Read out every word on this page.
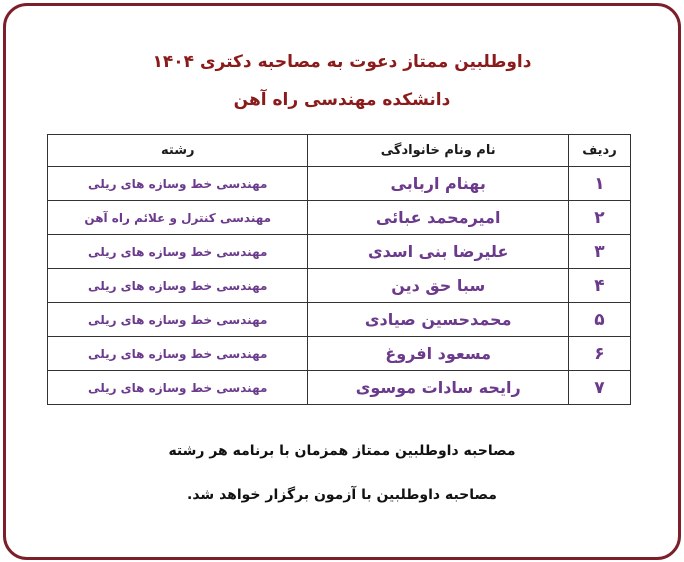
داوطلبین ممتاز دعوت به مصاحبه دکتری ۱۴۰۴
دانشکده مهندسی راه آهن
ردیف	نام ونام خانوادگی	رشته
۱	بهنام اربابی	مهندسی خط وسازه های ریلی
۲	امیرمحمد عبائی	مهندسی کنترل و علائم راه آهن
۳	علیرضا بنی اسدی	مهندسی خط وسازه های ریلی
۴	سبا حق دین	مهندسی خط وسازه های ریلی
۵	محمدحسین صیادی	مهندسی خط وسازه های ریلی
۶	مسعود افروغ	مهندسی خط وسازه های ریلی
۷	رایحه سادات موسوی	مهندسی خط وسازه های ریلی
مصاحبه داوطلبین ممتاز همزمان با برنامه هر رشته
مصاحبه داوطلبین با آزمون برگزار خواهد شد.
